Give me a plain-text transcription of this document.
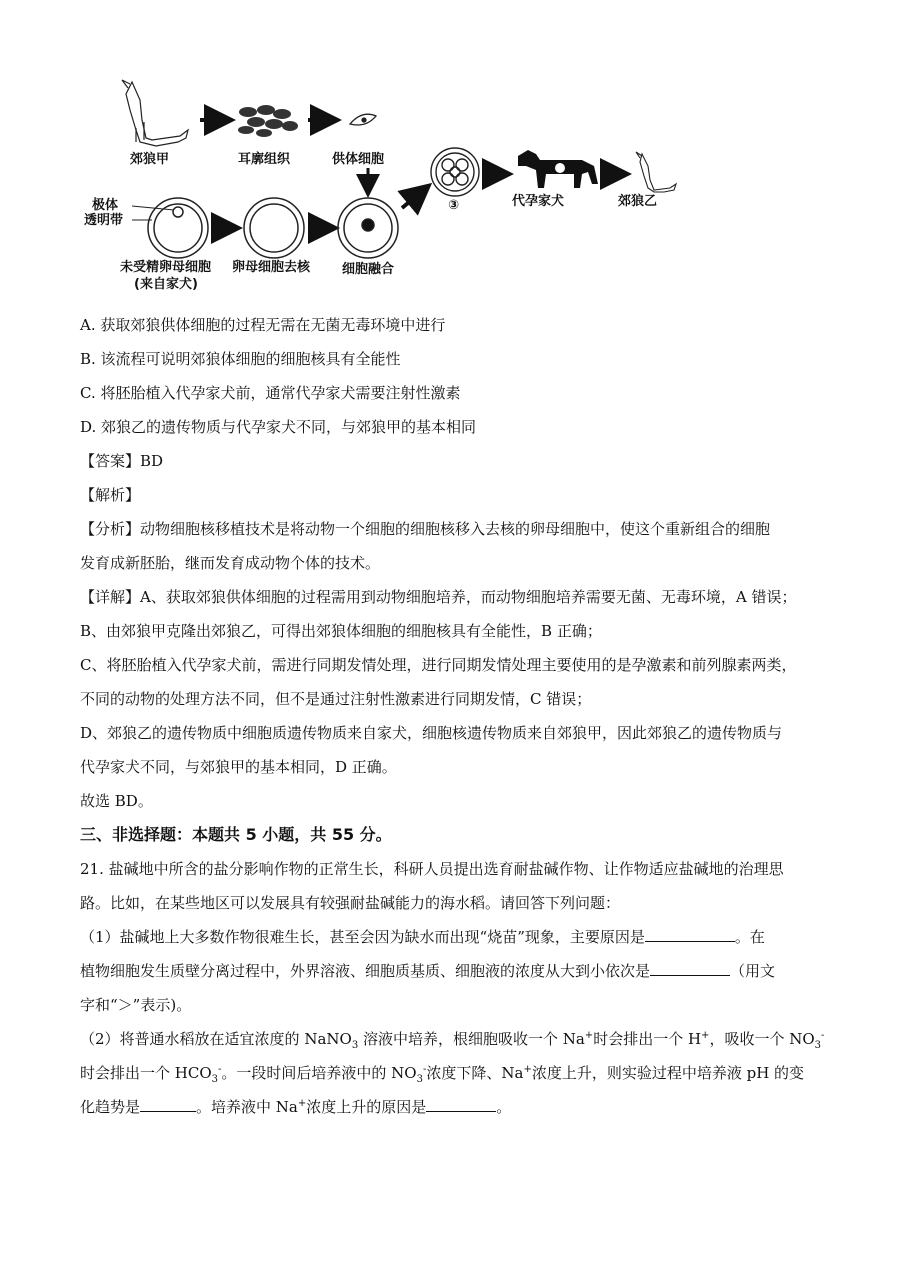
郊狼甲	耳廓组织	供体细胞
极体
透明带
未受精卵母细胞
(来自家犬)
卵母细胞去核 细胞融合
③	代孕家犬	郊狼乙
A. 获取郊狼供体细胞的过程无需在无菌无毒环境中进行
B. 该流程可说明郊狼体细胞的细胞核具有全能性
C. 将胚胎植入代孕家犬前，通常代孕家犬需要注射性激素
D. 郊狼乙的遗传物质与代孕家犬不同，与郊狼甲的基本相同
【答案】BD
【解析】
【分析】动物细胞核移植技术是将动物一个细胞的细胞核移入去核的卵母细胞中，使这个重新组合的细胞
发育成新胚胎，继而发育成动物个体的技术。
【详解】A、获取郊狼供体细胞的过程需用到动物细胞培养，而动物细胞培养需要无菌、无毒环境，A 错误；
B、由郊狼甲克隆出郊狼乙，可得出郊狼体细胞的细胞核具有全能性，B 正确；
C、将胚胎植入代孕家犬前，需进行同期发情处理，进行同期发情处理主要使用的是孕激素和前列腺素两类，
不同的动物的处理方法不同，但不是通过注射性激素进行同期发情，C 错误；
D、郊狼乙的遗传物质中细胞质遗传物质来自家犬，细胞核遗传物质来自郊狼甲，因此郊狼乙的遗传物质与
代孕家犬不同，与郊狼甲的基本相同，D 正确。
故选 BD。
三、非选择题：本题共 5 小题，共 55 分。
21. 盐碱地中所含的盐分影响作物的正常生长，科研人员提出选育耐盐碱作物、让作物适应盐碱地的治理思
路。比如，在某些地区可以发展具有较强耐盐碱能力的海水稻。请回答下列问题：
（1）盐碱地上大多数作物很难生长，甚至会因为缺水而出现“烧苗”现象，主要原因是	。在
植物细胞发生质壁分离过程中，外界溶液、细胞质基质、细胞液的浓度从大到小依次是	（用文
字和“＞”表示)。
（2）将普通水稻放在适宜浓度的 NaNO$_3$ 溶液中培养，根细胞吸收一个 Na+时会排出一个 H+，吸收一个 $NO_3^-$
时会排出一个 $HCO_3^-$。一段时间后培养液中的 $NO_3^-$浓度下降、Na+浓度上升，则实验过程中培养液 pH 的变
化趋势是	。培养液中 Na+浓度上升的原因是	。
